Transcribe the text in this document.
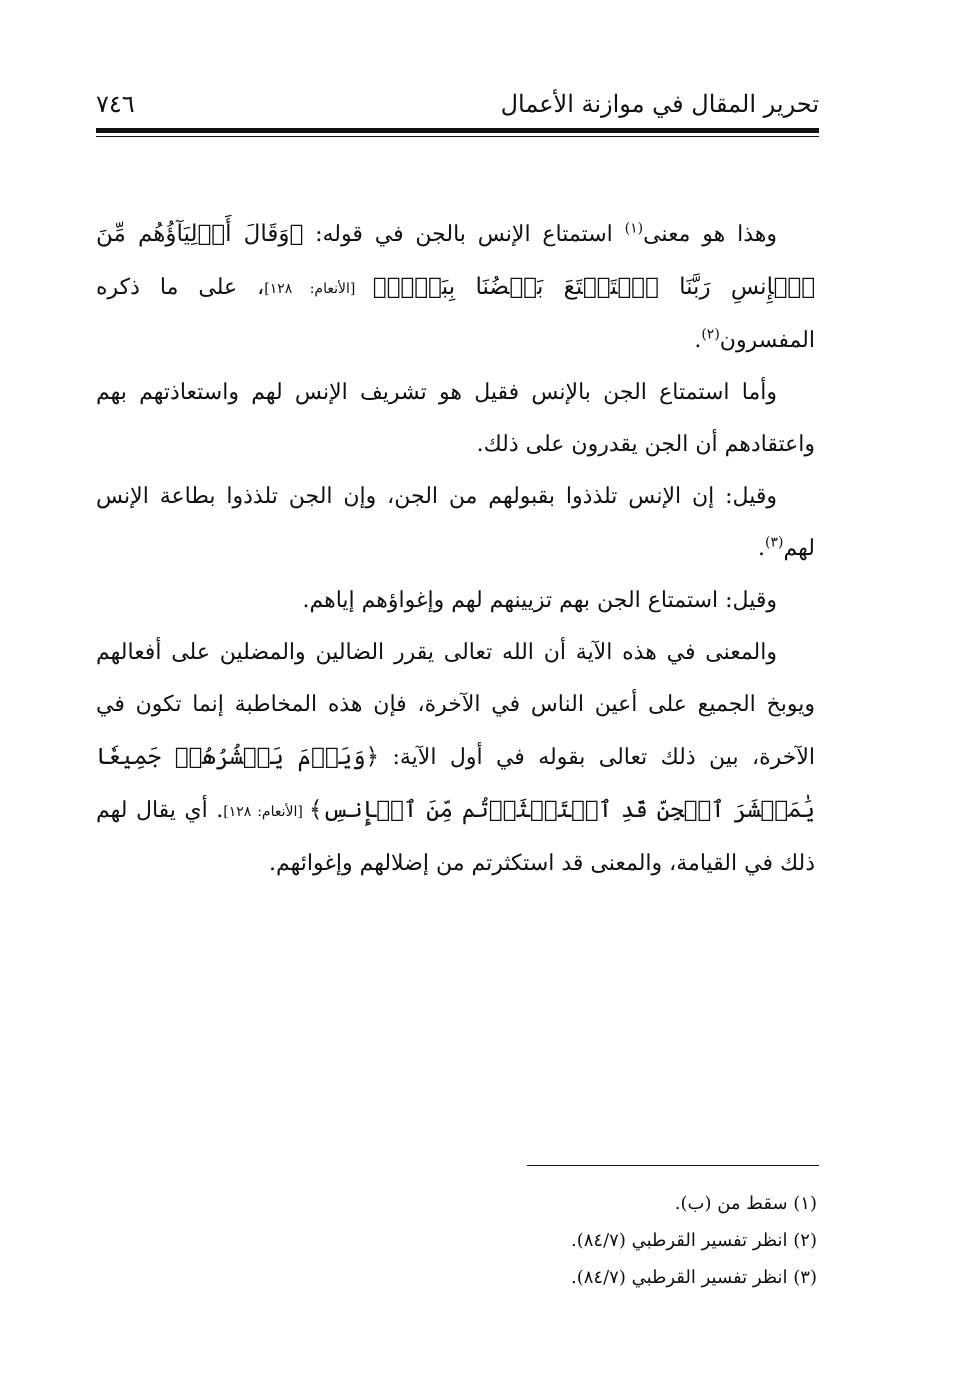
تحرير المقال في موازنة الأعمال
٧٤٦

وهذا هو معنى$^{(١)}$ استمتاع الإنس بالجن في قوله: ﴿وَقَالَ أَوۡلِيَآؤُهُم مِّنَ ٱلۡإِنسِ رَبَّنَا ٱسۡتَمۡتَعَ بَعۡضُنَا بِبَعۡضٖ﴾ [الأنعام: ١٢٨]، على ما ذكره المفسرون$^{(٢)}$.

وأما استمتاع الجن بالإنس فقيل هو تشريف الإنس لهم واستعاذتهم بهم واعتقادهم أن الجن يقدرون على ذلك.

وقيل: إن الإنس تلذذوا بقبولهم من الجن، وإن الجن تلذذوا بطاعة الإنس لهم$^{(٣)}$.

وقيل: استمتاع الجن بهم تزيينهم لهم وإغواؤهم إياهم.

والمعنى في هذه الآية أن الله تعالى يقرر الضالين والمضلين على أفعالهم ويوبخ الجميع على أعين الناس في الآخرة، فإن هذه المخاطبة إنما تكون في الآخرة، بين ذلك تعالى بقوله في أول الآية: ﴿وَيَوۡمَ يَحۡشُرُهُمۡ جَمِيعٗا يَٰمَعۡشَرَ ٱلۡجِنِّ قَدِ ٱسۡتَكۡثَرۡتُم مِّنَ ٱلۡإِنسِ﴾ [الأنعام: ١٢٨]. أي يقال لهم ذلك في القيامة، والمعنى قد استكثرتم من إضلالهم وإغوائهم.

(١) سقط من (ب).

(٢) انظر تفسير القرطبي (٨٤/٧).

(٣) انظر تفسير القرطبي (٨٤/٧).
